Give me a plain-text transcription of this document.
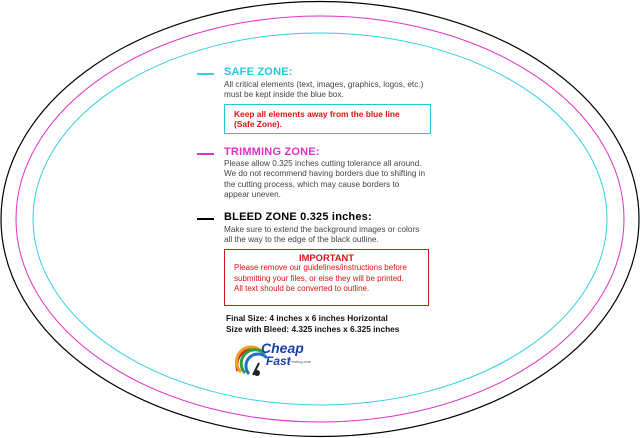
SAFE ZONE:
All critical elements (text, images, graphics, logos, etc.)
must be kept inside the blue box.
Keep all elements away from the blue line
(Safe Zone).
TRIMMING ZONE:
Please allow 0.325 inches cutting tolerance all around.
We do not recommend having borders due to shifting in
the cutting process, which may cause borders to
appear uneven.
BLEED ZONE 0.325 inches:
Make sure to extend the background images or colors
all the way to the edge of the black outline.
IMPORTANT
Please remove our guidelines/instructions before
submitting your files, or else they will be printed.
All text should be converted to outline.
Final Size: 4 inches x 6 inches Horizontal
Size with Bleed: 4.325 inches x 6.325 inches
Cheap
Fast
Printing.com
